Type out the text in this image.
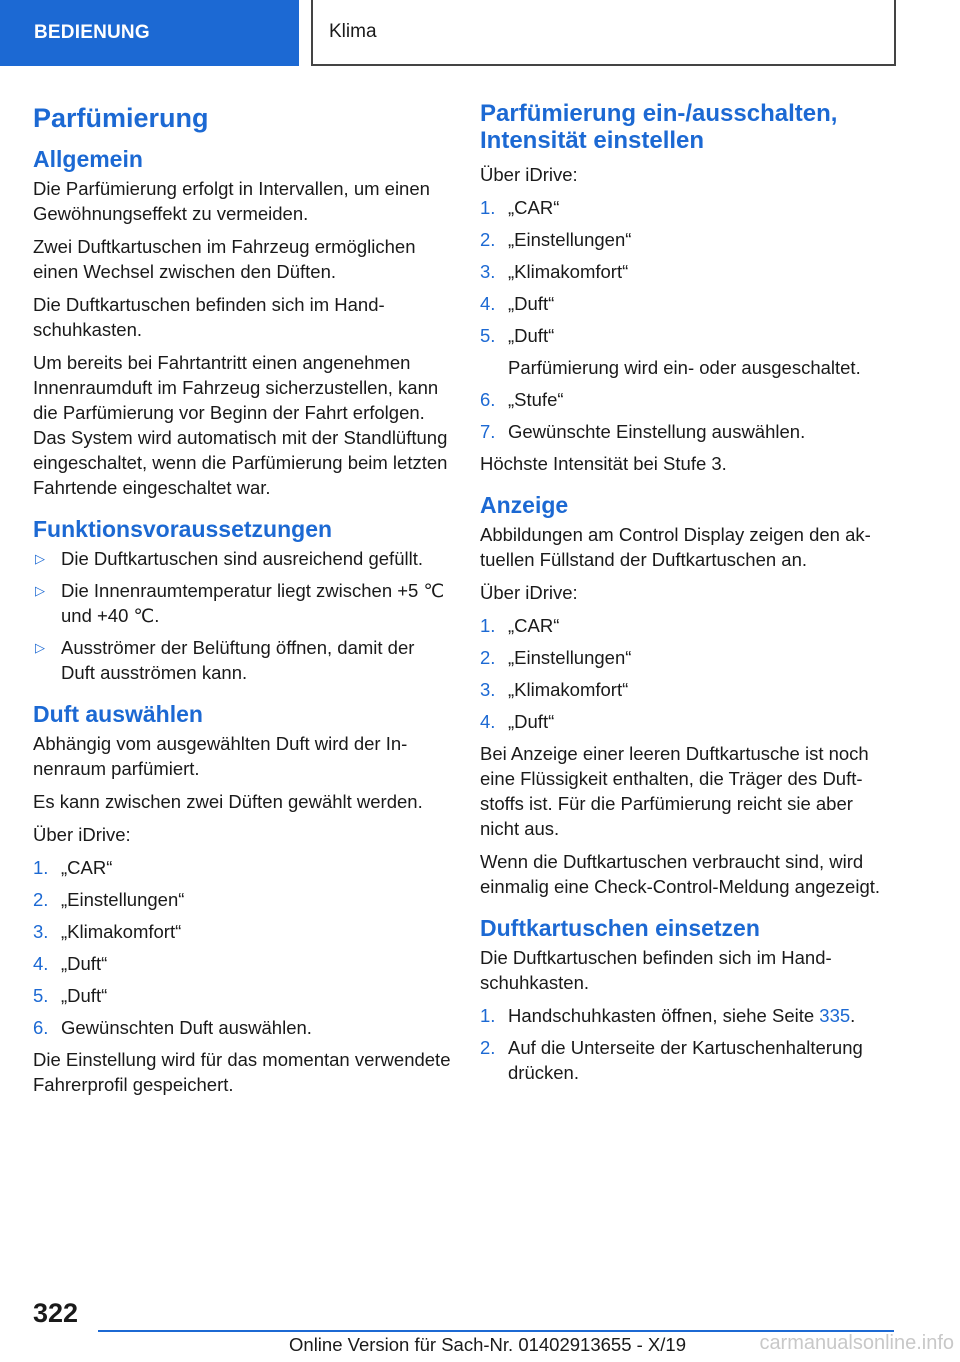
BEDIENUNG	Klima
Parfümierung
Allgemein

Die Parfümierung erfolgt in Intervallen, um einen Gewöhnungseffekt zu vermeiden.

Zwei Duftkartuschen im Fahrzeug ermöglichen einen Wechsel zwischen den Düften.

Die Duftkartuschen befinden sich im Handschuhkasten.

Um bereits bei Fahrtantritt einen angenehmen Innenraumduft im Fahrzeug sicherzustellen, kann die Parfümierung vor Beginn der Fahrt erfolgen. Das System wird automatisch mit der Standlüftung eingeschaltet, wenn die Parfümierung beim letzten Fahrtende eingeschaltet war.

Funktionsvoraussetzungen
▷ Die Duftkartuschen sind ausreichend gefüllt.
▷ Die Innenraumtemperatur liegt zwischen +5 ℃ und +40 ℃.
▷ Ausströmer der Belüftung öffnen, damit der Duft ausströmen kann.
Duft auswählen

Abhängig vom ausgewählten Duft wird der Innenraum parfümiert.

Es kann zwischen zwei Düften gewählt werden.

Über iDrive:

1. „CAR“
2. „Einstellungen“
3. „Klimakomfort“
4. „Duft“
5. „Duft“
6. Gewünschten Duft auswählen.

Die Einstellung wird für das momentan verwendete Fahrerprofil gespeichert.

Parfümierung ein-/ausschalten,
Intensität einstellen

Über iDrive:

1. „CAR“
2. „Einstellungen“
3. „Klimakomfort“
4. „Duft“
5. „Duft“
Parfümierung wird ein- oder ausgeschaltet.
6. „Stufe“
7. Gewünschte Einstellung auswählen.

Höchste Intensität bei Stufe 3.

Anzeige

Abbildungen am Control Display zeigen den aktuellen Füllstand der Duftkartuschen an.

Über iDrive:

1. „CAR“
2. „Einstellungen“
3. „Klimakomfort“
4. „Duft“

Bei Anzeige einer leeren Duftkartusche ist noch eine Flüssigkeit enthalten, die Träger des Duftstoffs ist. Für die Parfümierung reicht sie aber nicht aus.

Wenn die Duftkartuschen verbraucht sind, wird einmalig eine Check-Control-Meldung angezeigt.

Duftkartuschen einsetzen

Die Duftkartuschen befinden sich im Handschuhkasten.

1. Handschuhkasten öffnen, siehe Seite 335.
2. Auf die Unterseite der Kartuschenhalterung drücken.
322
Online Version für Sach-Nr. 01402913655 - X/19	carmanualsonline.info
